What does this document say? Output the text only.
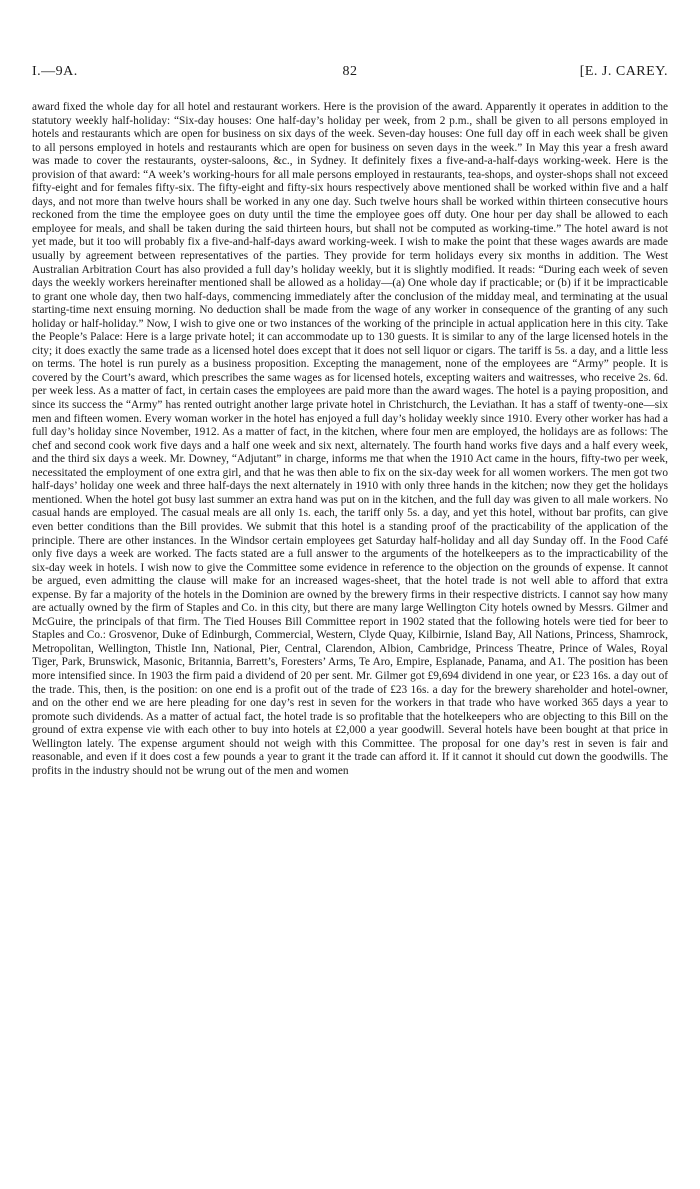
I.—9A.	82	[E. J. CAREY.

award fixed the whole day for all hotel and restaurant workers. Here is the provision of the award. Apparently it operates in addition to the statutory weekly half-holiday: “Six-day houses: One half-day’s holiday per week, from 2 p.m., shall be given to all persons employed in hotels and restaurants which are open for business on six days of the week. Seven-day houses: One full day off in each week shall be given to all persons employed in hotels and restaurants which are open for business on seven days in the week.” In May this year a fresh award was made to cover the restaurants, oyster-saloons, &c., in Sydney. It definitely fixes a five-and-a-half-days working-week. Here is the provision of that award: “A week’s working-hours for all male persons employed in restaurants, tea-shops, and oyster-shops shall not exceed fifty-eight and for females fifty-six. The fifty-eight and fifty-six hours respectively above mentioned shall be worked within five and a half days, and not more than twelve hours shall be worked in any one day. Such twelve hours shall be worked within thirteen consecutive hours reckoned from the time the employee goes on duty until the time the employee goes off duty. One hour per day shall be allowed to each employee for meals, and shall be taken during the said thirteen hours, but shall not be computed as working-time.” The hotel award is not yet made, but it too will probably fix a five-and-half-days award working-week. I wish to make the point that these wages awards are made usually by agreement between representatives of the parties. They provide for term holidays every six months in addition. The West Australian Arbitration Court has also provided a full day’s holiday weekly, but it is slightly modified. It reads: “During each week of seven days the weekly workers hereinafter mentioned shall be allowed as a holiday—(a) One whole day if practicable; or (b) if it be impracticable to grant one whole day, then two half-days, commencing immediately after the conclusion of the midday meal, and terminating at the usual starting-time next ensuing morning. No deduction shall be made from the wage of any worker in consequence of the granting of any such holiday or half-holiday.” Now, I wish to give one or two instances of the working of the principle in actual application here in this city. Take the People’s Palace: Here is a large private hotel; it can accommodate up to 130 guests. It is similar to any of the large licensed hotels in the city; it does exactly the same trade as a licensed hotel does except that it does not sell liquor or cigars. The tariff is 5s. a day, and a little less on terms. The hotel is run purely as a business proposition. Excepting the management, none of the employees are “Army” people. It is covered by the Court’s award, which prescribes the same wages as for licensed hotels, excepting waiters and waitresses, who receive 2s. 6d. per week less. As a matter of fact, in certain cases the employees are paid more than the award wages. The hotel is a paying proposition, and since its success the “Army” has rented outright another large private hotel in Christchurch, the Leviathan. It has a staff of twenty-one—six men and fifteen women. Every woman worker in the hotel has enjoyed a full day’s holiday weekly since 1910. Every other worker has had a full day’s holiday since November, 1912. As a matter of fact, in the kitchen, where four men are employed, the holidays are as follows: The chef and second cook work five days and a half one week and six next, alternately. The fourth hand works five days and a half every week, and the third six days a week. Mr. Downey, “Adjutant” in charge, informs me that when the 1910 Act came in the hours, fifty-two per week, necessitated the employment of one extra girl, and that he was then able to fix on the six-day week for all women workers. The men got two half-days’ holiday one week and three half-days the next alternately in 1910 with only three hands in the kitchen; now they get the holidays mentioned. When the hotel got busy last summer an extra hand was put on in the kitchen, and the full day was given to all male workers. No casual hands are employed. The casual meals are all only 1s. each, the tariff only 5s. a day, and yet this hotel, without bar profits, can give even better conditions than the Bill provides. We submit that this hotel is a standing proof of the practicability of the application of the principle. There are other instances. In the Windsor certain employees get Saturday half-holiday and all day Sunday off. In the Food Café only five days a week are worked. The facts stated are a full answer to the arguments of the hotelkeepers as to the impracticability of the six-day week in hotels. I wish now to give the Committee some evidence in reference to the objection on the grounds of expense. It cannot be argued, even admitting the clause will make for an increased wages-sheet, that the hotel trade is not well able to afford that extra expense. By far a majority of the hotels in the Dominion are owned by the brewery firms in their respective districts. I cannot say how many are actually owned by the firm of Staples and Co. in this city, but there are many large Wellington City hotels owned by Messrs. Gilmer and McGuire, the principals of that firm. The Tied Houses Bill Committee report in 1902 stated that the following hotels were tied for beer to Staples and Co.: Grosvenor, Duke of Edinburgh, Commercial, Western, Clyde Quay, Kilbirnie, Island Bay, All Nations, Princess, Shamrock, Metropolitan, Wellington, Thistle Inn, National, Pier, Central, Clarendon, Albion, Cambridge, Princess Theatre, Prince of Wales, Royal Tiger, Park, Brunswick, Masonic, Britannia, Barrett’s, Foresters’ Arms, Te Aro, Empire, Esplanade, Panama, and A1. The position has been more intensified since. In 1903 the firm paid a dividend of 20 per sent. Mr. Gilmer got £9,694 dividend in one year, or £23 16s. a day out of the trade. This, then, is the position: on one end is a profit out of the trade of £23 16s. a day for the brewery shareholder and hotel-owner, and on the other end we are here pleading for one day’s rest in seven for the workers in that trade who have worked 365 days a year to promote such dividends. As a matter of actual fact, the hotel trade is so profitable that the hotelkeepers who are objecting to this Bill on the ground of extra expense vie with each other to buy into hotels at £2,000 a year goodwill. Several hotels have been bought at that price in Wellington lately. The expense argument should not weigh with this Committee. The proposal for one day’s rest in seven is fair and reasonable, and even if it does cost a few pounds a year to grant it the trade can afford it. If it cannot it should cut down the goodwills. The profits in the industry should not be wrung out of the men and women
